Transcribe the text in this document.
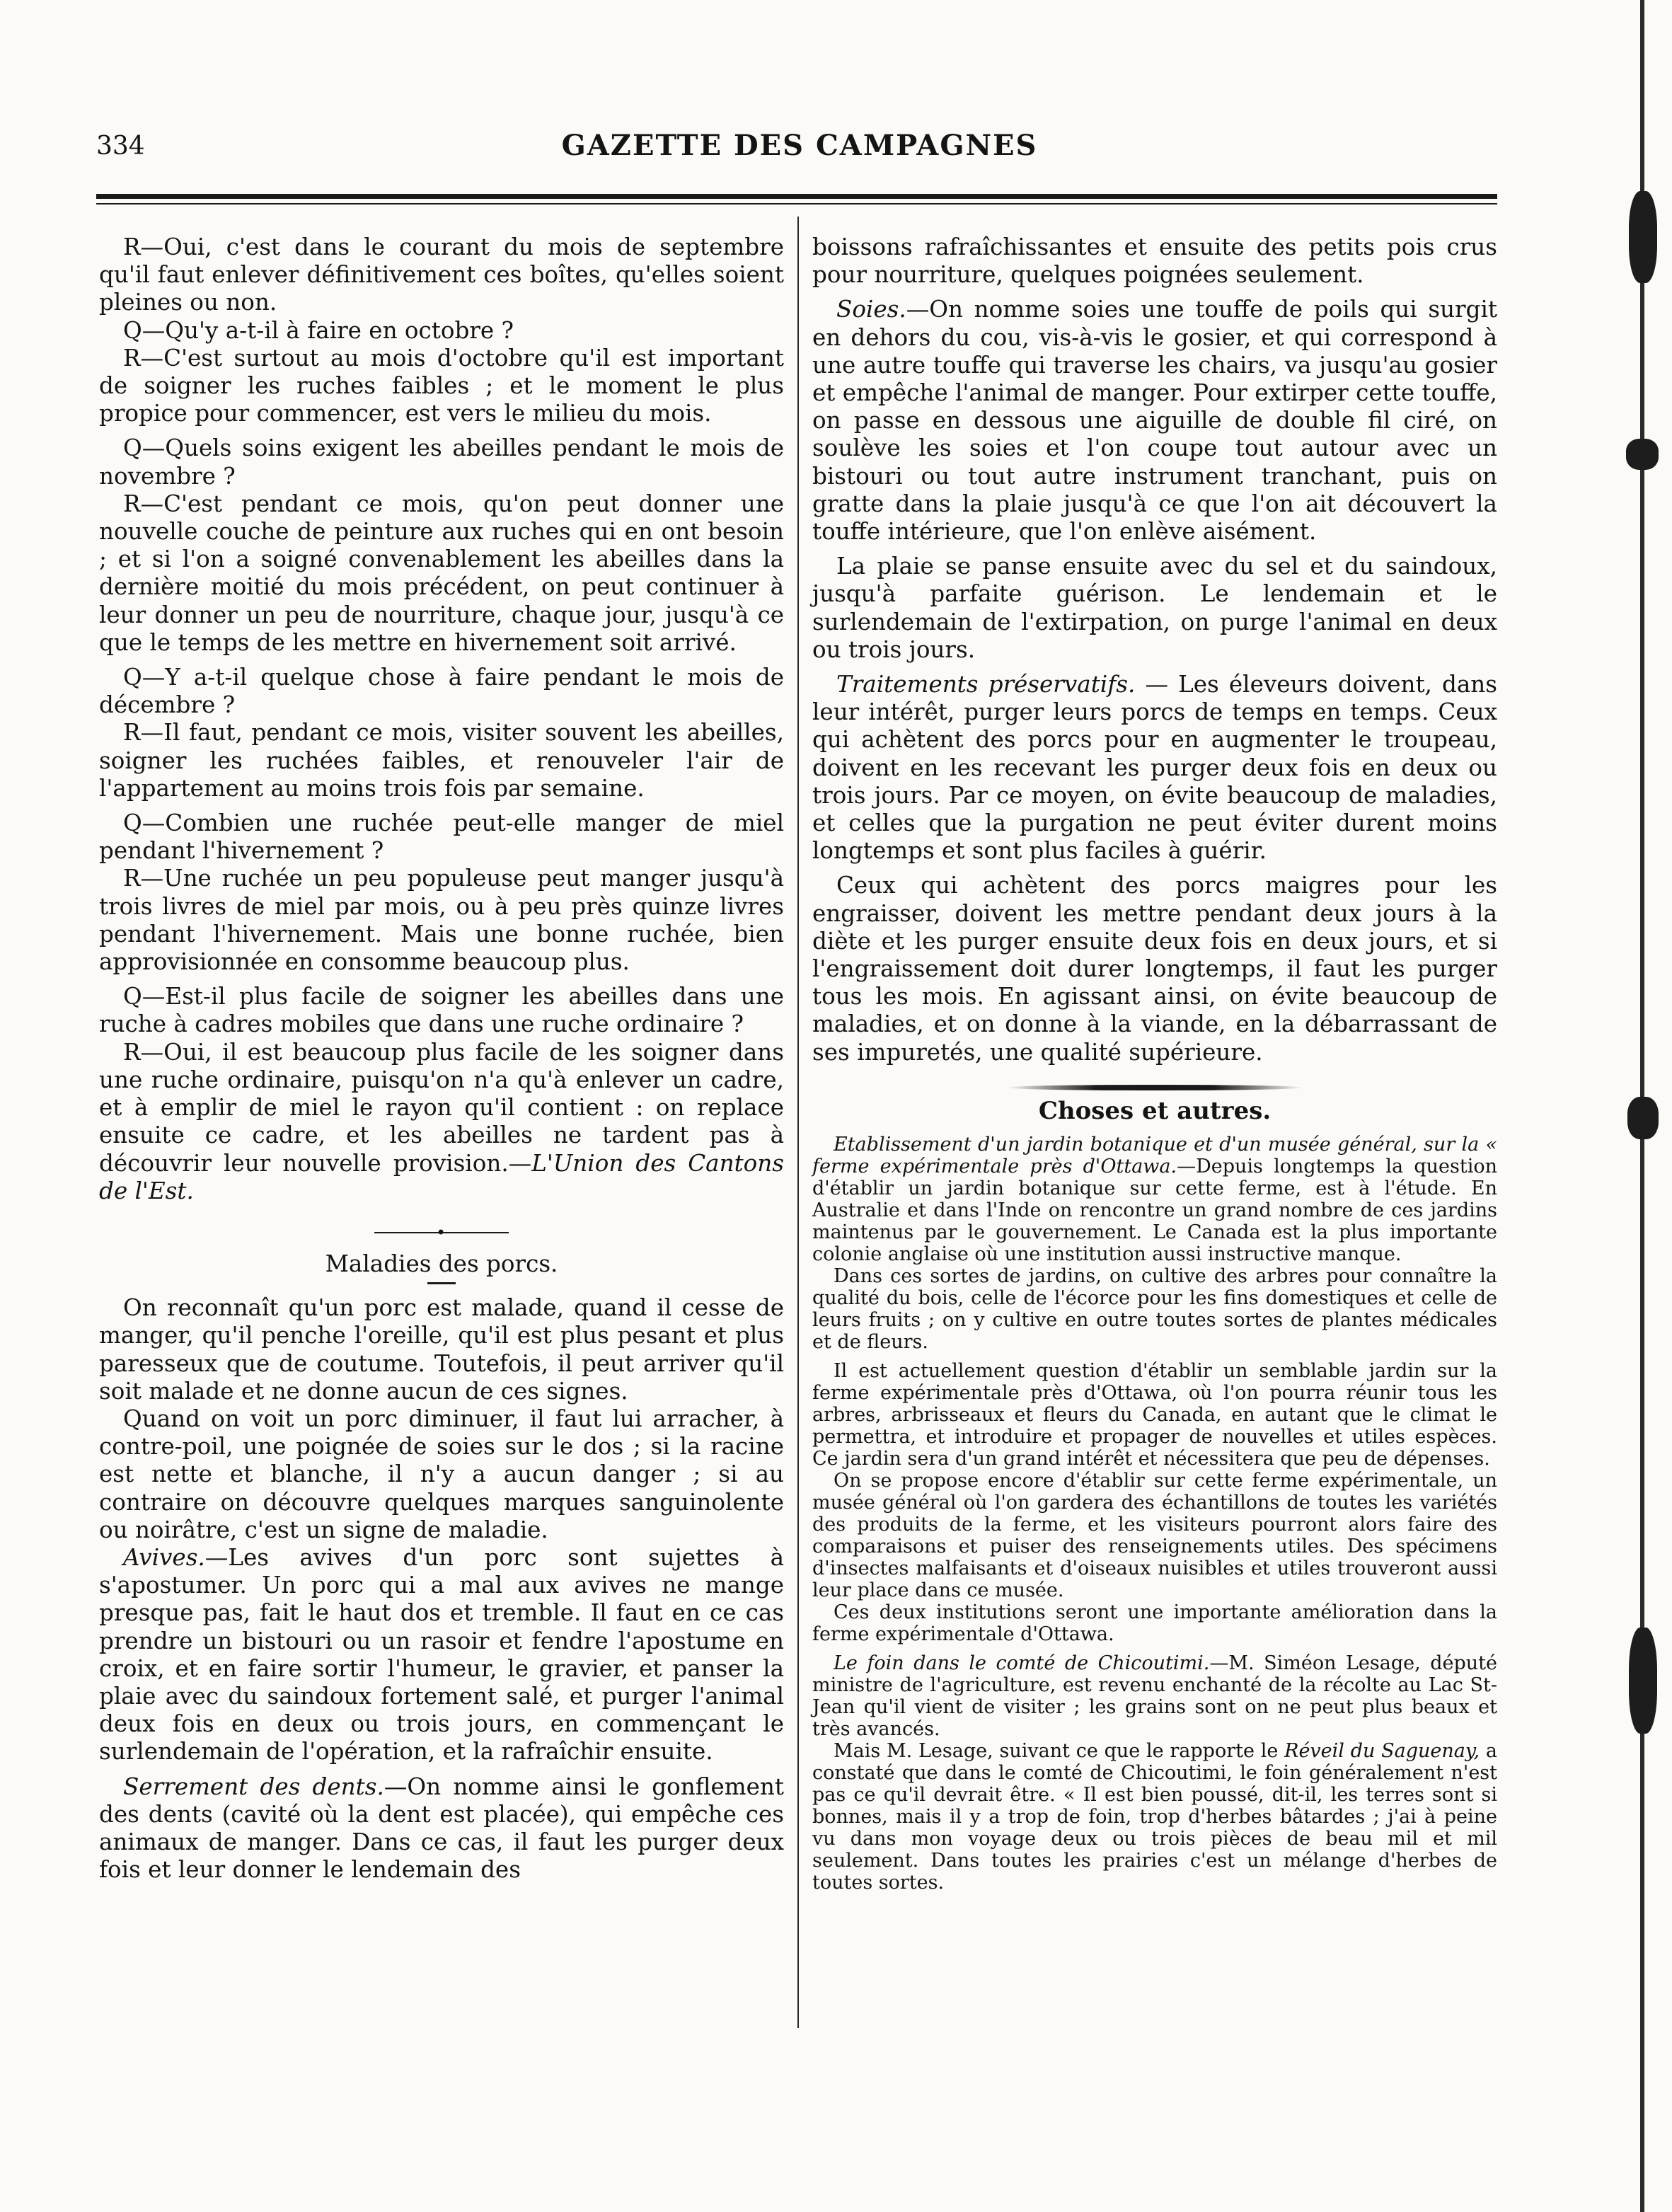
334	GAZETTE DES CAMPAGNES

R—Oui, c'est dans le courant du mois de septembre qu'il faut enlever définitivement ces boîtes, qu'elles soient pleines ou non.

Q—Qu'y a-t-il à faire en octobre ?

R—C'est surtout au mois d'octobre qu'il est important de soigner les ruches faibles ; et le moment le plus propice pour commencer, est vers le milieu du mois.

Q—Quels soins exigent les abeilles pendant le mois de novembre ?

R—C'est pendant ce mois, qu'on peut donner une nouvelle couche de peinture aux ruches qui en ont besoin ; et si l'on a soigné convenablement les abeilles dans la dernière moitié du mois précédent, on peut continuer à leur donner un peu de nourriture, chaque jour, jusqu'à ce que le temps de les mettre en hivernement soit arrivé.

Q—Y a-t-il quelque chose à faire pendant le mois de décembre ?

R—Il faut, pendant ce mois, visiter souvent les abeilles, soigner les ruchées faibles, et renouveler l'air de l'appartement au moins trois fois par semaine.

Q—Combien une ruchée peut-elle manger de miel pendant l'hivernement ?

R—Une ruchée un peu populeuse peut manger jusqu'à trois livres de miel par mois, ou à peu près quinze livres pendant l'hivernement. Mais une bonne ruchée, bien approvisionnée en consomme beaucoup plus.

Q—Est-il plus facile de soigner les abeilles dans une ruche à cadres mobiles que dans une ruche ordinaire ?

R—Oui, il est beaucoup plus facile de les soigner dans une ruche ordinaire, puisqu'on n'a qu'à enlever un cadre, et à emplir de miel le rayon qu'il contient : on replace ensuite ce cadre, et les abeilles ne tardent pas à découvrir leur nouvelle provision.—L'Union des Cantons de l'Est.

•

Maladies des porcs.

On reconnaît qu'un porc est malade, quand il cesse de manger, qu'il penche l'oreille, qu'il est plus pesant et plus paresseux que de coutume. Toutefois, il peut arriver qu'il soit malade et ne donne aucun de ces signes.

Quand on voit un porc diminuer, il faut lui arracher, à contre-poil, une poignée de soies sur le dos ; si la racine est nette et blanche, il n'y a aucun danger ; si au contraire on découvre quelques marques sanguinolente ou noirâtre, c'est un signe de maladie.

Avives.—Les avives d'un porc sont sujettes à s'apostumer. Un porc qui a mal aux avives ne mange presque pas, fait le haut dos et tremble. Il faut en ce cas prendre un bistouri ou un rasoir et fendre l'apostume en croix, et en faire sortir l'humeur, le gravier, et panser la plaie avec du saindoux fortement salé, et purger l'animal deux fois en deux ou trois jours, en commençant le surlendemain de l'opération, et la rafraîchir ensuite.

Serrement des dents.—On nomme ainsi le gonflement des dents (cavité où la dent est placée), qui empêche ces animaux de manger. Dans ce cas, il faut les purger deux fois et leur donner le lendemain des

boissons rafraîchissantes et ensuite des petits pois crus pour nourriture, quelques poignées seulement.

Soies.—On nomme soies une touffe de poils qui surgit en dehors du cou, vis-à-vis le gosier, et qui correspond à une autre touffe qui traverse les chairs, va jusqu'au gosier et empêche l'animal de manger. Pour extirper cette touffe, on passe en dessous une aiguille de double fil ciré, on soulève les soies et l'on coupe tout autour avec un bistouri ou tout autre instrument tranchant, puis on gratte dans la plaie jusqu'à ce que l'on ait découvert la touffe intérieure, que l'on enlève aisément.

La plaie se panse ensuite avec du sel et du saindoux, jusqu'à parfaite guérison. Le lendemain et le surlendemain de l'extirpation, on purge l'animal en deux ou trois jours.

Traitements préservatifs. — Les éleveurs doivent, dans leur intérêt, purger leurs porcs de temps en temps. Ceux qui achètent des porcs pour en augmenter le troupeau, doivent en les recevant les purger deux fois en deux ou trois jours. Par ce moyen, on évite beaucoup de maladies, et celles que la purgation ne peut éviter durent moins longtemps et sont plus faciles à guérir.

Ceux qui achètent des porcs maigres pour les engraisser, doivent les mettre pendant deux jours à la diète et les purger ensuite deux fois en deux jours, et si l'engraissement doit durer longtemps, il faut les purger tous les mois. En agissant ainsi, on évite beaucoup de maladies, et on donne à la viande, en la débarrassant de ses impuretés, une qualité supérieure.

Choses et autres.

Etablissement d'un jardin botanique et d'un musée général, sur la « ferme expérimentale près d'Ottawa.—Depuis longtemps la question d'établir un jardin botanique sur cette ferme, est à l'étude. En Australie et dans l'Inde on rencontre un grand nombre de ces jardins maintenus par le gouvernement. Le Canada est la plus importante colonie anglaise où une institution aussi instructive manque.

Dans ces sortes de jardins, on cultive des arbres pour connaître la qualité du bois, celle de l'écorce pour les fins domestiques et celle de leurs fruits ; on y cultive en outre toutes sortes de plantes médicales et de fleurs.

Il est actuellement question d'établir un semblable jardin sur la ferme expérimentale près d'Ottawa, où l'on pourra réunir tous les arbres, arbrisseaux et fleurs du Canada, en autant que le climat le permettra, et introduire et propager de nouvelles et utiles espèces. Ce jardin sera d'un grand intérêt et nécessitera que peu de dépenses.

On se propose encore d'établir sur cette ferme expérimentale, un musée général où l'on gardera des échantillons de toutes les variétés des produits de la ferme, et les visiteurs pourront alors faire des comparaisons et puiser des renseignements utiles. Des spécimens d'insectes malfaisants et d'oiseaux nuisibles et utiles trouveront aussi leur place dans ce musée.

Ces deux institutions seront une importante amélioration dans la ferme expérimentale d'Ottawa.

Le foin dans le comté de Chicoutimi.—M. Siméon Lesage, député ministre de l'agriculture, est revenu enchanté de la récolte au Lac St-Jean qu'il vient de visiter ; les grains sont on ne peut plus beaux et très avancés.

Mais M. Lesage, suivant ce que le rapporte le Réveil du Saguenay, a constaté que dans le comté de Chicoutimi, le foin généralement n'est pas ce qu'il devrait être. « Il est bien poussé, dit-il, les terres sont si bonnes, mais il y a trop de foin, trop d'herbes bâtardes ; j'ai à peine vu dans mon voyage deux ou trois pièces de beau mil et mil seulement. Dans toutes les prairies c'est un mélange d'herbes de toutes sortes.
